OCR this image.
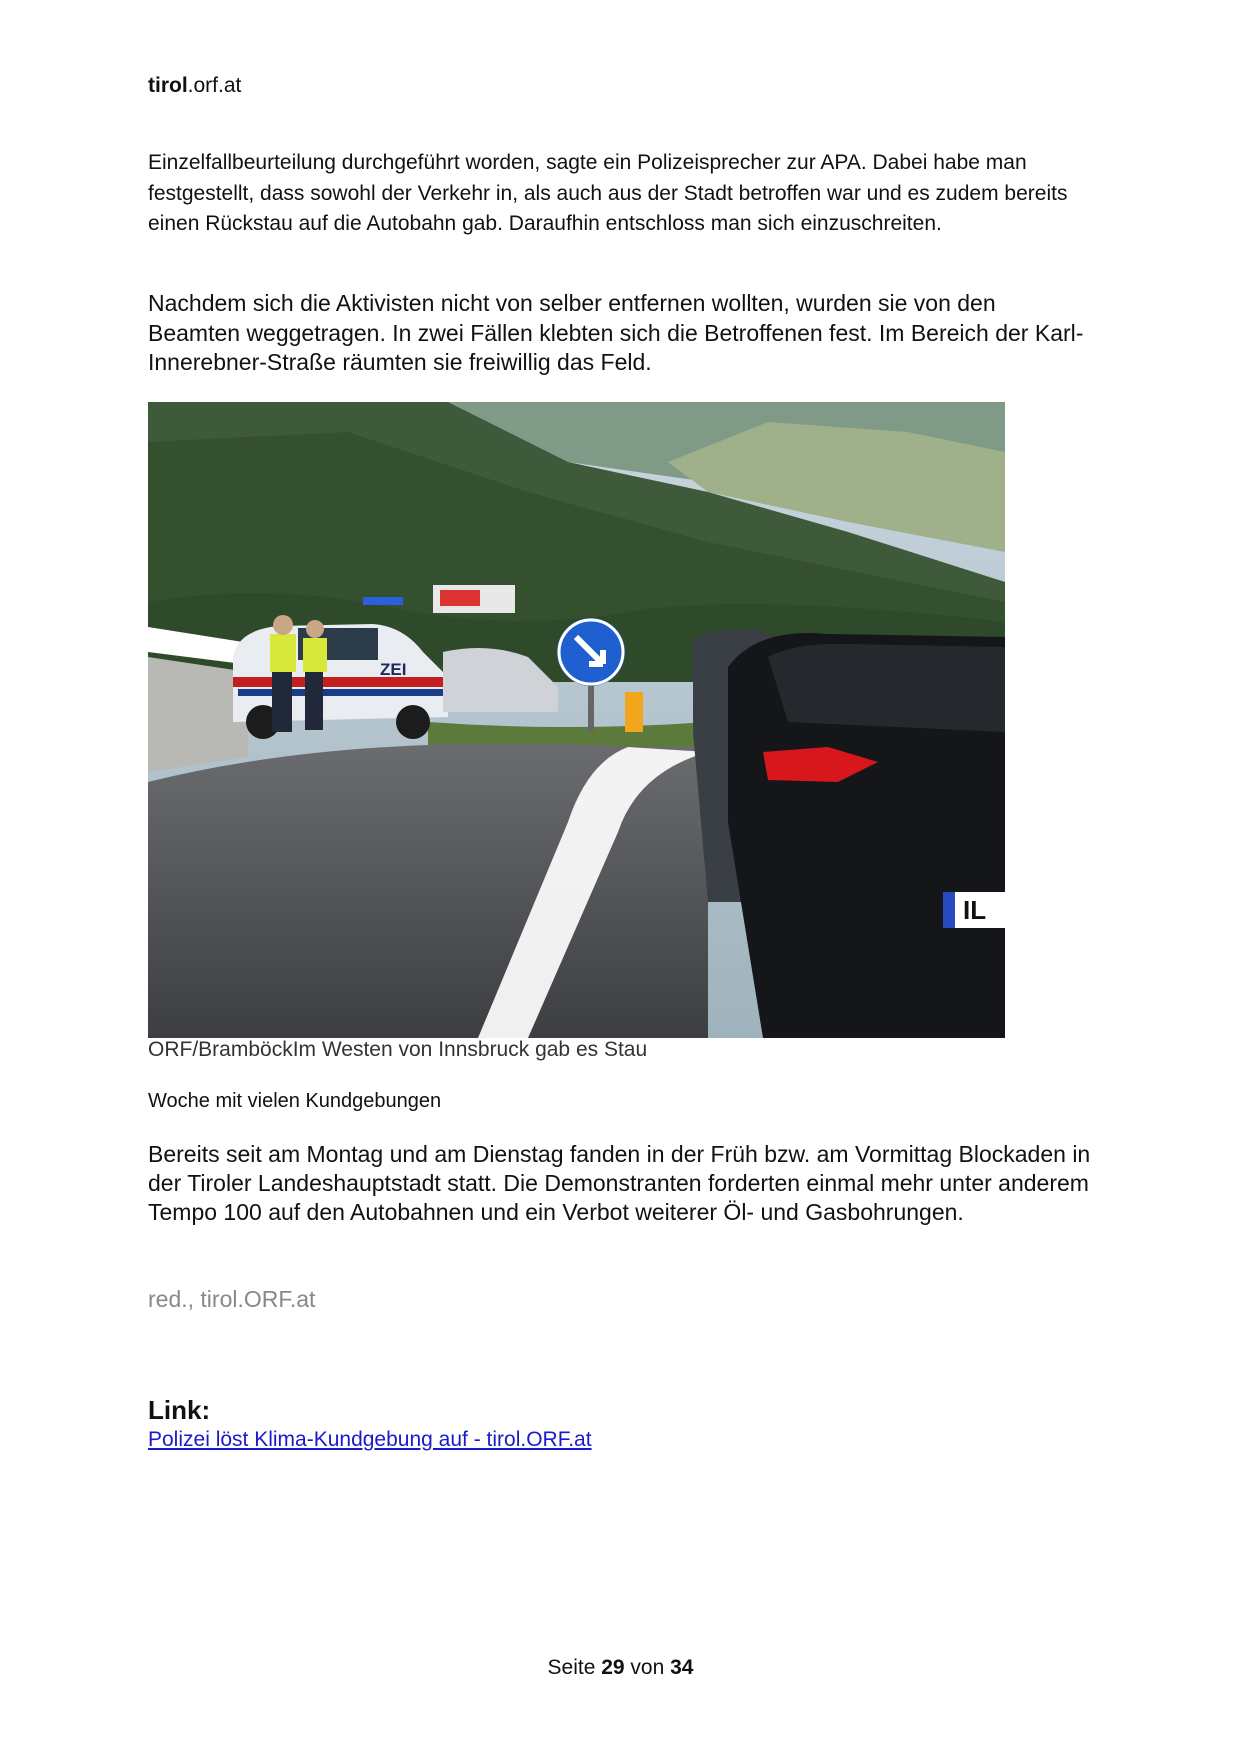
tirol.orf.at

Einzelfallbeurteilung durchgeführt worden, sagte ein Polizeisprecher zur APA. Dabei habe man festgestellt, dass sowohl der Verkehr in, als auch aus der Stadt betroffen war und es zudem bereits einen Rückstau auf die Autobahn gab. Daraufhin entschloss man sich einzuschreiten.

Nachdem sich die Aktivisten nicht von selber entfernen wollten, wurden sie von den Beamten weggetragen. In zwei Fällen klebten sich die Betroffenen fest. Im Bereich der Karl-Innerebner-Straße räumten sie freiwillig das Feld.

ZEI
IL
ORF/BramböckIm Westen von Innsbruck gab es Stau
Woche mit vielen Kundgebungen

Bereits seit am Montag und am Dienstag fanden in der Früh bzw. am Vormittag Blockaden in der Tiroler Landeshauptstadt statt. Die Demonstranten forderten einmal mehr unter anderem Tempo 100 auf den Autobahnen und ein Verbot weiterer Öl- und Gasbohrungen.

red., tirol.ORF.at
Link:
Polizei löst Klima-Kundgebung auf - tirol.ORF.at
Seite 29 von 34
